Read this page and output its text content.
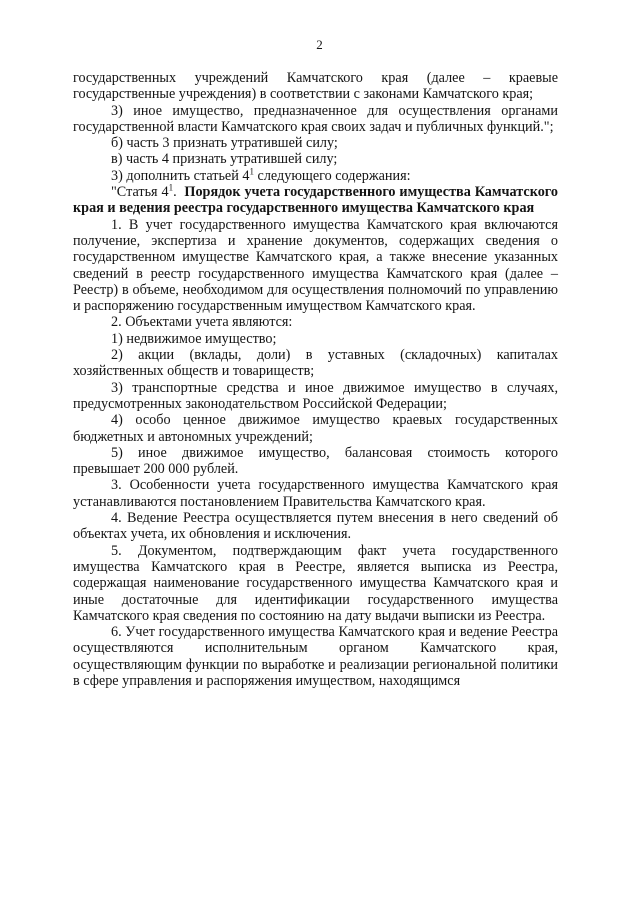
2

государственных учреждений Камчатского края (далее – краевые государственные учреждения) в соответствии с законами Камчатского края;

3) иное имущество, предназначенное для осуществления органами государственной власти Камчатского края своих задач и публичных функций.";

б) часть 3 признать утратившей силу;

в) часть 4 признать утратившей силу;

3) дополнить статьей $4^1$ следующего содержания:

"Статья $4^1$. Порядок учета государственного имущества Камчатского края и ведения реестра государственного имущества Камчатского края

1. В учет государственного имущества Камчатского края включаются получение, экспертиза и хранение документов, содержащих сведения о государственном имуществе Камчатского края, а также внесение указанных сведений в реестр государственного имущества Камчатского края (далее – Реестр) в объеме, необходимом для осуществления полномочий по управлению и распоряжению государственным имуществом Камчатского края.

2. Объектами учета являются:

1) недвижимое имущество;

2) акции (вклады, доли) в уставных (складочных) капиталах хозяйственных обществ и товариществ;

3) транспортные средства и иное движимое имущество в случаях, предусмотренных законодательством Российской Федерации;

4) особо ценное движимое имущество краевых государственных бюджетных и автономных учреждений;

5) иное движимое имущество, балансовая стоимость которого превышает 200 000 рублей.

3. Особенности учета государственного имущества Камчатского края устанавливаются постановлением Правительства Камчатского края.

4. Ведение Реестра осуществляется путем внесения в него сведений об объектах учета, их обновления и исключения.

5. Документом, подтверждающим факт учета государственного имущества Камчатского края в Реестре, является выписка из Реестра, содержащая наименование государственного имущества Камчатского края и иные достаточные для идентификации государственного имущества Камчатского края сведения по состоянию на дату выдачи выписки из Реестра.

6. Учет государственного имущества Камчатского края и ведение Реестра осуществляются исполнительным органом Камчатского края, осуществляющим функции по выработке и реализации региональной политики в сфере управления и распоряжения имуществом, находящимся
